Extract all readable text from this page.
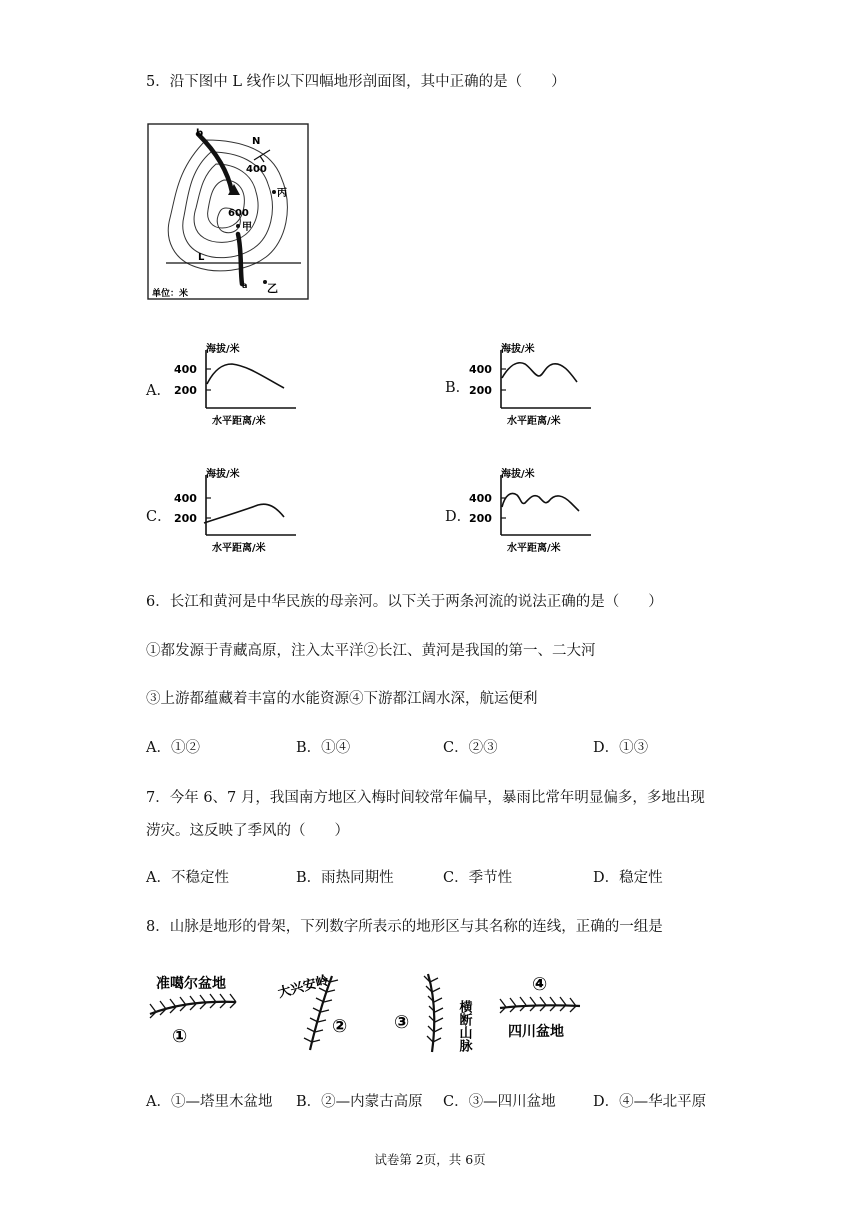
5．沿下图中 L 线作以下四幅地形剖面图，其中正确的是（　　）
b
N
400
600
甲
丙
L
a 乙
单位：米
A．
海拔/米
400
200
水平距离/米
B．
海拔/米
400
200
水平距离/米
C．
海拔/米
400
200
水平距离/米
D．
海拔/米
400
200
水平距离/米
6．长江和黄河是中华民族的母亲河。以下关于两条河流的说法正确的是（　　）
①都发源于青藏高原，注入太平洋②长江、黄河是我国的第一、二大河
③上游都蕴藏着丰富的水能资源④下游都江阔水深，航运便利
A．①②	B．①④	C．②③	D．①③
7．今年 6、7 月，我国南方地区入梅时间较常年偏早，暴雨比常年明显偏多，多地出现
涝灾。这反映了季风的（　　）
A．不稳定性	B．雨热同期性	C．季节性	D．稳定性
8．山脉是地形的骨架，下列数字所表示的地形区与其名称的连线，正确的一组是
准噶尔盆地
①
大兴安岭
②	③	横断山脉
④
四川盆地
A．①—塔里木盆地 B．②—内蒙古高原 C．③—四川盆地	D．④—华北平原
试卷第 2页，共 6页
